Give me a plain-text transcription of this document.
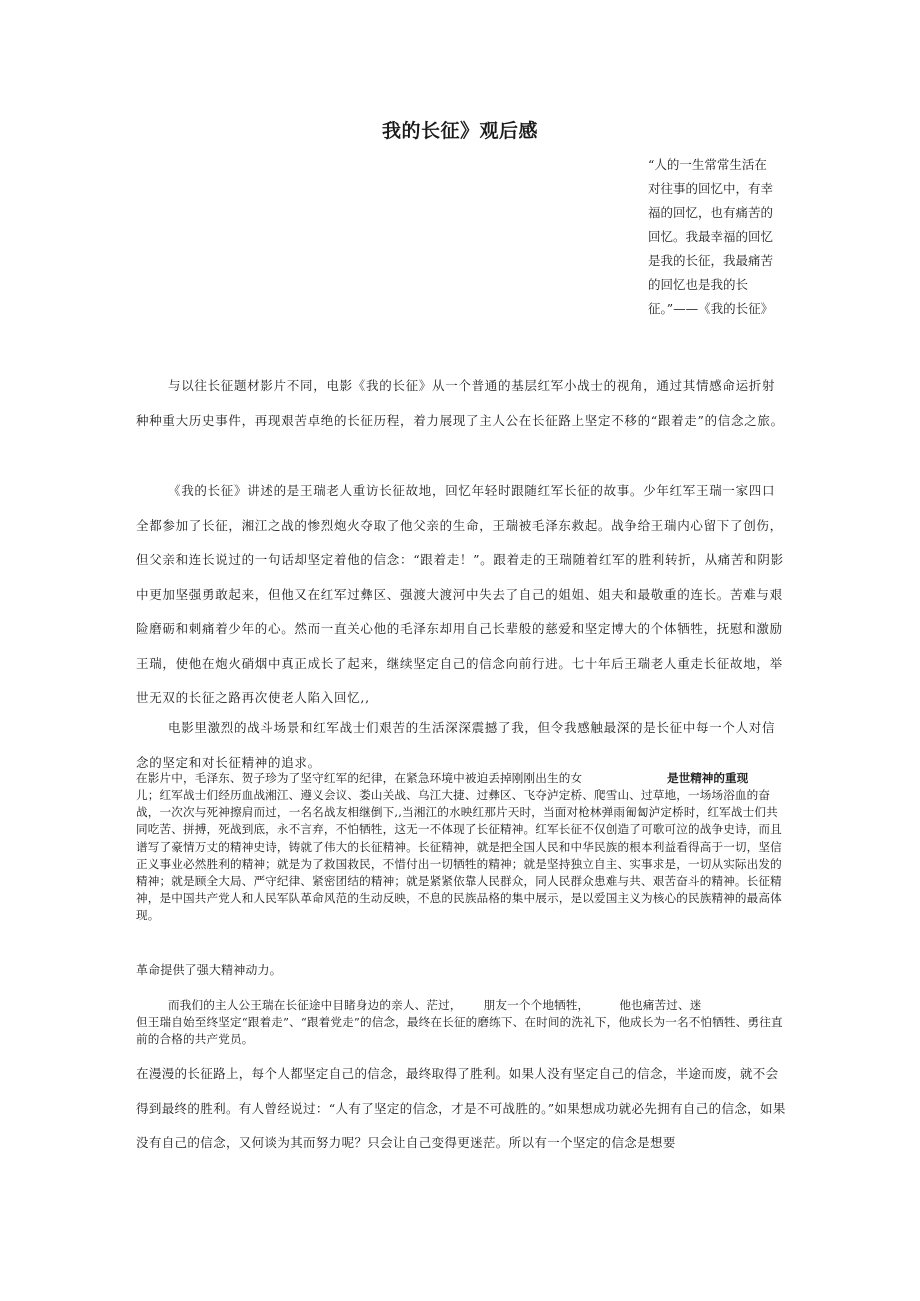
我的长征》观后感
“人的一生常常生活在对往事的回忆中，有幸福的回忆，也有痛苦的回忆。我最幸福的回忆是我的长征，我最痛苦的回忆也是我的长征。”——《我的长征》
与以往长征题材影片不同，电影《我的长征》从一个普通的基层红军小战士的视角，通过其情感命运折射种种重大历史事件，再现艰苦卓绝的长征历程，着力展现了主人公在长征路上坚定不移的“跟着走”的信念之旅。
《我的长征》讲述的是王瑞老人重访长征故地，回忆年轻时跟随红军长征的故事。少年红军王瑞一家四口全都参加了长征，湘江之战的惨烈炮火夺取了他父亲的生命，王瑞被毛泽东救起。战争给王瑞内心留下了创伤，但父亲和连长说过的一句话却坚定着他的信念：“跟着走！”。跟着走的王瑞随着红军的胜利转折，从痛苦和阴影中更加坚强勇敢起来，但他又在红军过彝区、强渡大渡河中失去了自己的姐姐、姐夫和最敬重的连长。苦难与艰险磨砺和刺痛着少年的心。然而一直关心他的毛泽东却用自己长辈般的慈爱和坚定博大的个体牺牲，抚慰和激励王瑞，使他在炮火硝烟中真正成长了起来，继续坚定自己的信念向前行进。七十年后王瑞老人重走长征故地，举世无双的长征之路再次使老人陷入回忆,,
电影里激烈的战斗场景和红军战士们艰苦的生活深深震撼了我，但令我感触最深的是长征中每一个人对信念的坚定和对长征精神的追求。
在影片中，毛泽东、贺子珍为了坚守红军的纪律，在紧急环境中被迫丢掉刚刚出生的女	是世精神的重现
儿；红军战士们经历血战湘江、遵义会议、娄山关战、乌江大捷、过彝区、飞夺泸定桥、爬雪山、过草地，一场场浴血的奋战，一次次与死神擦肩而过，一名名战友相继倒下,,当湘江的水映红那片天时，当面对枪林弹雨匍匐泸定桥时，红军战士们共同吃苦、拼搏，死战到底，永不言弃，不怕牺牲，这无一不体现了长征精神。红军长征不仅创造了可歌可泣的战争史诗，而且谱写了豪情万丈的精神史诗，铸就了伟大的长征精神。长征精神，就是把全国人民和中华民族的根本利益看得高于一切，坚信正义事业必然胜利的精神；就是为了救国救民，不惜付出一切牺牲的精神；就是坚持独立自主、实事求是，一切从实际出发的精神；就是顾全大局、严守纪律、紧密团结的精神；就是紧紧依靠人民群众，同人民群众患难与共、艰苦奋斗的精神。长征精神，是中国共产党人和人民军队革命风范的生动反映，不息的民族品格的集中展示，是以爱国主义为核心的民族精神的最高体现。
革命提供了强大精神动力。
而我们的主人公王瑞在长征途中目睹身边的亲人、茫过， 朋友一个个地牺牲，	他也痛苦过、迷
但王瑞自始至终坚定“跟着走”、“跟着党走”的信念，最终在长征的磨练下、在时间的洗礼下，他成长为一名不怕牺牲、勇往直前的合格的共产党员。
在漫漫的长征路上，每个人都坚定自己的信念，最终取得了胜利。如果人没有坚定自己的信念，半途而废，就不会得到最终的胜利。有人曾经说过：“人有了坚定的信念，才是不可战胜的。”如果想成功就必先拥有自己的信念，如果没有自己的信念，又何谈为其而努力呢？只会让自己变得更迷茫。所以有一个坚定的信念是想要
